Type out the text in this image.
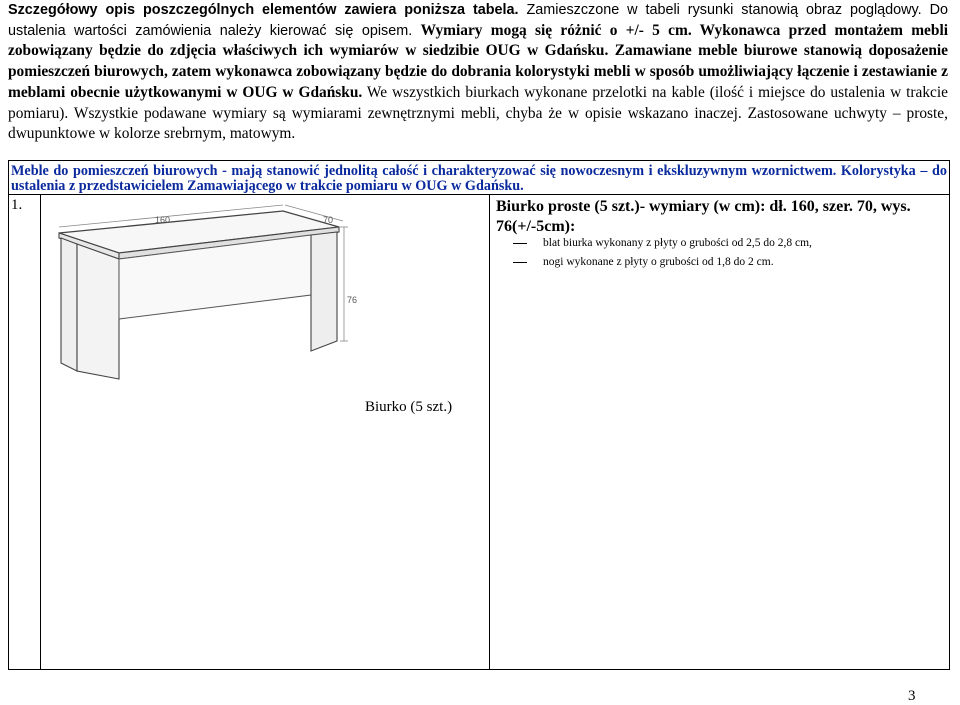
Szczegółowy opis poszczególnych elementów zawiera poniższa tabela. Zamieszczone w tabeli rysunki stanowią obraz poglądowy. Do ustalenia wartości zamówienia należy kierować się opisem. Wymiary mogą się różnić o +/- 5 cm. Wykonawca przed montażem mebli zobowiązany będzie do zdjęcia właściwych ich wymiarów w siedzibie OUG w Gdańsku. Zamawiane meble biurowe stanowią doposażenie pomieszczeń biurowych, zatem wykonawca zobowiązany będzie do dobrania kolorystyki mebli w sposób umożliwiający łączenie i zestawianie z meblami obecnie użytkowanymi w OUG w Gdańsku. We wszystkich biurkach wykonane przelotki na kable (ilość i miejsce do ustalenia w trakcie pomiaru). Wszystkie podawane wymiary są wymiarami zewnętrznymi mebli, chyba że w opisie wskazano inaczej. Zastosowane uchwyty – proste, dwupunktowe w kolorze srebrnym, matowym.

Meble do pomieszczeń biurowych - mają stanowić jednolitą całość i charakteryzować się nowoczesnym i ekskluzywnym wzornictwem. Kolorystyka – do ustalenia z przedstawicielem Zamawiającego w trakcie pomiaru w OUG w Gdańsku.
1.
160	70
76
Biurko (5 szt.)
Biurko proste (5 szt.)- wymiary (w cm): dł. 160, szer. 70, wys. 76(+/-5cm):
blat biurka wykonany z płyty o grubości od 2,5 do 2,8 cm,
nogi wykonane z płyty o grubości od 1,8 do 2 cm.
3
